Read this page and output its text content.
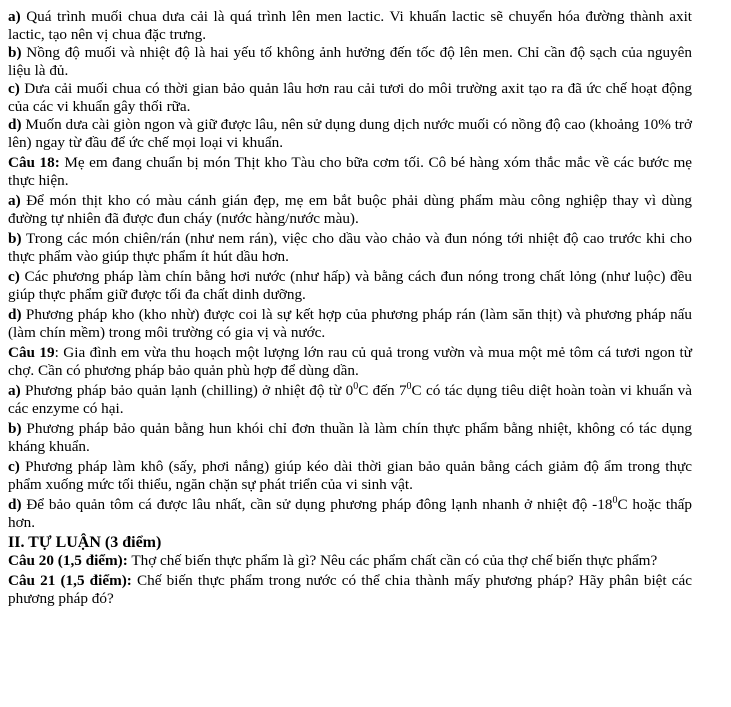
a) Quá trình muối chua dưa cải là quá trình lên men lactic. Vi khuẩn lactic sẽ chuyển hóa đường thành axit lactic, tạo nên vị chua đặc trưng.

b) Nồng độ muối và nhiệt độ là hai yếu tố không ảnh hưởng đến tốc độ lên men. Chỉ cần độ sạch của nguyên liệu là đủ.

c) Dưa cải muối chua có thời gian bảo quản lâu hơn rau cải tươi do môi trường axit tạo ra đã ức chế hoạt động của các vi khuẩn gây thối rữa.

d) Muốn dưa cài giòn ngon và giữ được lâu, nên sử dụng dung dịch nước muối có nồng độ cao (khoảng 10% trở lên) ngay từ đầu để ức chế mọi loại vi khuẩn.

Câu 18: Mẹ em đang chuẩn bị món Thịt kho Tàu cho bữa cơm tối. Cô bé hàng xóm thắc mắc về các bước mẹ thực hiện.

a) Để món thịt kho có màu cánh gián đẹp, mẹ em bắt buộc phải dùng phẩm màu công nghiệp thay vì dùng đường tự nhiên đã được đun cháy (nước hàng/nước màu).

b) Trong các món chiên/rán (như nem rán), việc cho dầu vào chảo và đun nóng tới nhiệt độ cao trước khi cho thực phẩm vào giúp thực phẩm ít hút dầu hơn.

c) Các phương pháp làm chín bằng hơi nước (như hấp) và bằng cách đun nóng trong chất lỏng (như luộc) đều giúp thực phẩm giữ được tối đa chất dinh dưỡng.

d) Phương pháp kho (kho nhừ) được coi là sự kết hợp của phương pháp rán (làm săn thịt) và phương pháp nấu (làm chín mềm) trong môi trường có gia vị và nước.

Câu 19: Gia đình em vừa thu hoạch một lượng lớn rau củ quả trong vườn và mua một mẻ tôm cá tươi ngon từ chợ. Cần có phương pháp bảo quản phù hợp để dùng dần.

a) Phương pháp bảo quản lạnh (chilling) ở nhiệt độ từ $0^0C$ đến $7^0C$ có tác dụng tiêu diệt hoàn toàn vi khuẩn và các enzyme có hại.

b) Phương pháp bảo quản bằng hun khói chỉ đơn thuần là làm chín thực phẩm bằng nhiệt, không có tác dụng kháng khuẩn.

c) Phương pháp làm khô (sấy, phơi nắng) giúp kéo dài thời gian bảo quản bằng cách giảm độ ẩm trong thực phẩm xuống mức tối thiểu, ngăn chặn sự phát triển của vi sinh vật.

d) Để bảo quản tôm cá được lâu nhất, cần sử dụng phương pháp đông lạnh nhanh ở nhiệt độ $-18^0C$ hoặc thấp hơn.

II. TỰ LUẬN (3 điểm)

Câu 20 (1,5 điểm): Thợ chế biến thực phẩm là gì? Nêu các phẩm chất cần có của thợ chế biến thực phẩm?

Câu 21 (1,5 điểm): Chế biến thực phẩm trong nước có thể chia thành mấy phương pháp? Hãy phân biệt các phương pháp đó?
